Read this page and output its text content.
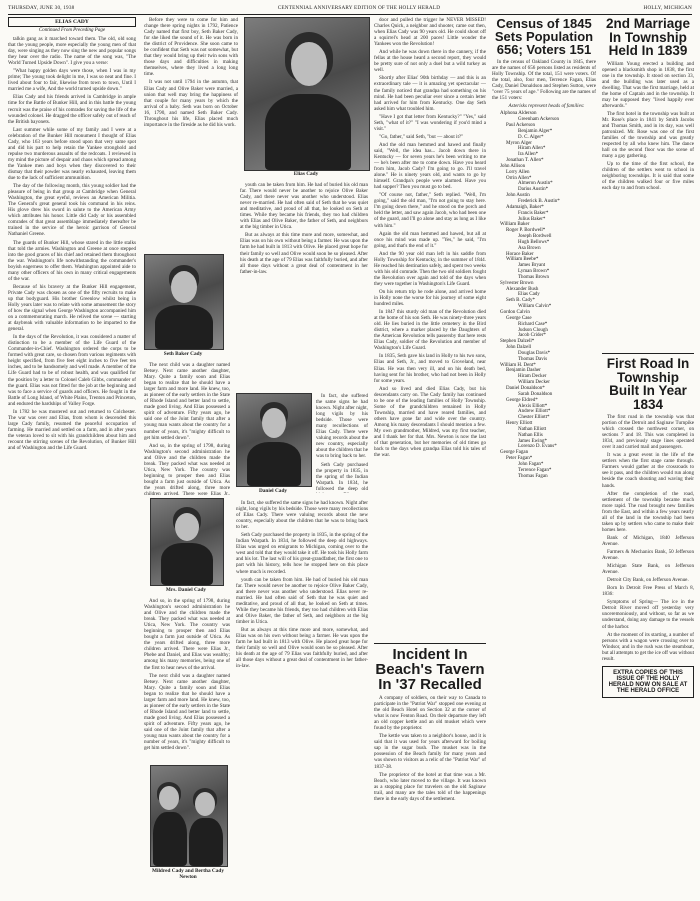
THURSDAY, JUNE 30, 1938	CENTENNIAL ANNIVERSARY EDITION OF THE HOLLY HERALD	HOLLY, MICHIGAN
ELIAS CADY
Continued From Preceding Page

talkin gang as it marched toward them. The old, old song that the young people, more especially the young men of that day, were singing as they now sing the new and popular songs they hear over the radio. The name of the song was, "The World Turned Upside Down". I give you a verse:

"What happy golden days were those, when I was in my prime; The young took delight in me, I was so neat and fine. I lived about four to fair, likewise from town to town, Until I married me a wife, And the world turned upside down."

Elias Cady and his friends arrived in Cambridge in ample time for the Battle of Bunker Hill, and in this battle the young recruit was the praise of his comrades for saving the life of the wounded colonel. He dragged the officer safely out of reach of the British bayonets.

Last summer while some of my family and I were at a celebration of the Bunker Hill monument I thought of Elias Cady, who 163 years before stood upon that very same spot and did his part to help retain the Yankee stronghold and repulse two murderous assaults of the redcoats. I reviewed in my mind the picture of despair and chaos which spread among the Yankee men and boys when they discovered to their dismay that their powder was nearly exhausted, leaving them due to the lack of sufficient ammunition.

The day of the following month, this young soldier had the pleasure of being in that group at Cambridge when General Washington, the great eyeful, reviews an American Militia. The General's great general took his command in his reins. His glove drew his sword in salute to the American Army which attributes his honor. Little did Cady or his assembled comrades of that great assemblage immediately thereafter be trained in the service of the heroic garrison of General Nathaniel Greene.

The guards of Bunker Hill, whose stared in the little stalks that told the armies. Washington and Greene at once stepped into the good graces of his chief and retained them throughout the war. Washington's life notwithstanding the commander's boyish eagerness to offer them. Washington appointed aide to many other officers of his own in many critical engagements of the war.

Because of his bravery at the Bunker Hill engagement, Private Cady was chosen as one of the fifty recruits to make up that bodyguard. His brother Greenlow whilst being in Holly years later was to relate with some amusement the story of how the signal when George Washington accompanied him on a commemorating march. He relived the scene — starting at daybreak with valuable information to be imparted to the general.

In the days of the Revolution, it was considered a matter of distinction to be a member of the Life Guard of the Commander-in-Chief. Washington ordered the corps to be formed with great care, so chosen from various regiments with height specified, from five feet eight inches to five feet ten inches, and to be handsomely and well made. A member of the Life Guard had to be of robust health, and was qualified for the position by a letter to Colonel Caleb Gibbs, commander of the guard. Elias was not fitted for the job at the beginning and was to face a service of guards and officers. He fought in the Battle of Long Island, of White Plains, Trenton and Princeton, and endured the hardships of Valley Forge.

In 1782 he was mustered out and returned to Colchester. The war was over and Elias, from whom is descended this large Cady family, resumed the peaceful occupation of farming. He married and settled on a farm, and in after years the veteran loved to sit with his grandchildren about him and recount the stirring scenes of the Revolution, of Bunker Hill and of Washington and the Life Guard.

Elias Cady
Seth Baker Cady
Daniel Cady
Mrs. Daniel Cady
Mildred Cady and Bertha Cady Newton

Before they were to come for him and change there spring nights in 1792, Patience Cady named that first boy, Seth Baker Cady, for she liked the sound of it. He was born in the district of Providence. She soon came to be confident that Seth was not somewhat, but that they would bring up their twin sons with those days and difficulties in making themselves, where they lived a long long time.

It was not until 1794 in the autumn, that Elias Cady and Olive Baker were married, a union that well may bring the happiness of that couple for many years by which the arrival of a baby. Seth was born on October 16, 1790, and named Seth Baker Cady. Throughout his life, Elias placed much importance in the fireside as he did his work.

The next child was a daughter named Betsey. Next came another daughter, Mary. Quite a family soon and Elias began to realize that he should have a larger farm and more land. He knew, too, as pioneer of the early settlers in the State of Rhode Island and better land to settle, made good living. And Elias possessed a spirit of adventure. Fifty years ago, he said one of the Joint family that after a young man wants about the country for a number of years, it's "mighty difficult to get him settled down".

And so, in the spring of 1798, during Washington's second administration he and Olive and the children made the break. They packed what was needed at Utica, New York. The country was beginning to prosper then and Elias bought a farm just outside of Utica. As the years drifted along, three more children arrived. There were Elias Jr.,

And so, in the spring of 1798, during Washington's second administration he and Olive and the children made the break. They packed what was needed at Utica, New York. The country was beginning to prosper then and Elias bought a farm just outside of Utica. As the years drifted along, three more children arrived. There were Elias Jr., Phebe and Daniel, and Elias was wealthy; among his many memories, being one of the first to hear news of the arrival.

The next child was a daughter named Betsey. Next came another daughter, Mary. Quite a family soon and Elias began to realize that he should have a larger farm and more land. He knew, too, as pioneer of the early settlers in the State of Rhode Island and better land to settle, made good living. And Elias possessed a spirit of adventure. Fifty years ago, he said one of the Joint family that after a young man wants about the country for a number of years, it's "mighty difficult to get him settled down".

youth can be taken from him. He had of buried his old man far. There would never be another to rejoice Olive Baker Cady, and there never was another who understood. Elias never re-married. He had often said of Seth that he was quiet and meditative, and proud of all that, he looked on Seth at times. While they became his friends, they too had children with Elias and Olive Baker, the father of Seth, and neighbors at the big timber in Utica.

But as always at this time more and more, somewhat, and Elias was on his own without being a farmer. He was upon the farm he had built in 1813 with Olive. He placed great hope for their family so well and Olive would soon be so pleased. After his death at the age of 79 Elias was faithfully buried, and after all those days without a great deal of contentment in her father-in-law.

In fact, she suffered the same signs he had known. Night after night, long vigils by his bedside. Those were many recollections of Elias Cady. There were valuing records about the new country, especially about the children that he was to bring back to her.

Seth Cady purchased the property in 1835, in the spring of the Indian Warpath. In 1834, he followed the deep old

In fact, she suffered the same signs he had known. Night after night, long vigils by his bedside. Those were many recollections of Elias Cady. There were valuing records about the new country, especially about the children that he was to bring back to her.

Seth Cady purchased the property in 1835, in the spring of the Indian Warpath. In 1834, he followed the deep old highways. Elias was urged on emigrants to Michigan, coming over to the west and told that they would take it off. He took his Holly farm and his lot. The last will of his great-grandfather, the first one to part with his history, tells how he stopped here on this place where much is recorded.

youth can be taken from him. He had of buried his old man far. There would never be another to rejoice Olive Baker Cady, and there never was another who understood. Elias never re-married. He had often said of Seth that he was quiet and meditative, and proud of all that, he looked on Seth at times. While they became his friends, they too had children with Elias and Olive Baker, the father of Seth, and neighbors at the big timber in Utica.

But as always at this time more and more, somewhat, and Elias was on his own without being a farmer. He was upon the farm he had built in 1813 with Olive. He placed great hope for their family so well and Olive would soon be so pleased. After his death at the age of 79 Elias was faithfully buried, and after all those days without a great deal of contentment in her father-in-law.

door and pulled the trigger he NEVER MISSED! Charles Quick, a neighbor and shooter, came out then, when Elias Cady was 90 years old. He could shoot off a squirrel's head at 200 paces! Little wonder the Yankees won the Revolution!

And while he was down there in the cannery, if the fellas at the house heard a second report, they would be pretty sure of not only a duel but a wild turkey as well.

Shortly after Elias' 90th birthday — and this is an extraordinary tale — it is amazing yet spectacular — the family noticed that grandpa had something on his mind. He had been peculiar ever since a certain letter had arrived for him from Kentucky. One day Seth asked him what troubled him.

"Have I got that letter from Kentucky?" "Yes," said Seth, "what of it?" "I was wondering if you'd mind a visit."

"Go, father," said Seth, "but — about it?"

And the old man hemmed and hawed and finally said, "Well, the idea has... Jacob down there in Kentucky — for seven years he's been writing to me — he's been after me to come down. Have you heard from him, Jacob Cady? I'm going to go. I'll travel alone." He is ninety years old, and wants to go by himself. Grandpa's people were alarmed. Have you had supper? Then you must go to bed.

"Of course not, father," Seth replied. "Well, I'm going," said the old man, "I'm not going to stay here. I'm going down there," and he stood on the porch and held the letter, and saw again Jacob, who had been one of the guard, and I'll go alone and stay as long as I like with him."

Again the old man hemmed and hawed, but all at once his mind was made up. "Yes," he said, "I'm going, and that's the end of it."

And the 90 year old man left in his saddle from Holly Township for Kentucky, in the summer of 1844. He reached his destination safely, and spent two weeks with his old comrade. Then the two old soldiers fought the Revolution over again and told of the days when they were together in Washington's Life Guard.

On his return trip he rode alone, and arrived home in Holly none the worse for his journey of some eight hundred miles.

In 1847 this sturdy old man of the Revolution died at the home of his son Seth. He was ninety-three years old. He lies buried in the little cemetery in the Bird district, where a marker placed by the Daughters of the American Revolution tells passersby that here rests Elias Cady, soldier of the Revolution and member of Washington's Life Guard.

In 1835, Seth gave his land in Holly to his two sons, Elias and Seth, Jr., and moved to Groveland, near Elias. He was then very ill, and on his death bed, having sent for his brother, who had not been in Holly for some years.

And so lived and died Elias Cady, but his descendants carry on. The Cady family has continued to be one of the leading families of Holly Township. Some of the grandchildren remained in Holly Township, married and have reared families, and others have gone far and wide over the country. Among his many descendants I should mention a few. My own grandmother, Mildred, was my first teacher, and I thank her for that. Mrs. Newton is now the last of that generation, but her memories of old times go back to the days when grandpa Elias told his tales of the war.

Census of 1845 Sets Population 656; Voters 151

In the census of Oakland County in 1845, there are the names of 656 persons listed as residents of Holly Township. Of the total, 151 were voters. Of the total, also, four men, Terrence Fagan, Elias Cady, Daniel Donaldson and Stephen Sutton, were "over 75 years of age." Following are the names of the 151 voters:

Asterisks represent heads of families:

Alphona Alderson
Greenham Ackerson
Paul Ackerson
Benjamin Alger*
D. C. Alger*
Myron Alger
Hiram Allen*
Ira Allen*
Jonathan T. Allen*
John Allison
Lorry Allen
Orrin Allen*
Almeron Austin*
Darius Austin*
John Austin
Frederick B. Austin*
Adamaigh, Baker*
Francis Baker*
Julius Baker*
William Baker
Roger P. Bordwell*
Joseph Bordwell
Hugh Bellows*
Asa Brown
Horace Baker
William Beebe*
James Bryant
Lyman Brown*
Thomas Brown
Sylvester Brown
Alexander Bush
Elias Cady
Seth B. Cady*
William Calvin*
Gordon Calvin
George Case
Richard Case*
Judson Clough
Jacob Crider*
Stephen Dalzell*
John Dalzell
Douglas Davis*
Thomas Davis
William H. Dent*
Benjamin Dasher
Hiram Decker
William Decker
Daniel Donaldson*
Sarah Donaldson
George Eldred*
Alexis Elliott*
Andrew Elliott*
Chester Elliott*
Henry Elliott
Nathan Elliott
Nathan Ellis
James Ewing*
Lorenzo D. Evans*
George Fagan
Peter Fagan*
John Fagan*
Terrence Fagan*
Thomas Fagan
Incident In Beach's Tavern In '37 Recalled

A company of soldiers, on their way to Canada to participate in the "Patriot War" stopped one evening at the old Beach Hotel on Section 32 at the corner of what is now Fenton Road. On their departure they left an old copper kettle and an old musket which were found by the proprietor.

The kettle was taken to a neighbor's house, and it is said that it was used for years afterward for boiling sap in the sugar bush. The musket was in the possession of the Beach family for many years and was shown to visitors as a relic of the "Patriot War" of 1837-38.

The proprietor of the hotel at that time was a Mr. Beach, who later moved to the village. It was known as a stopping place for travelers on the old Saginaw trail, and many are the tales told of the happenings there in the early days of the settlement.

2nd Marriage In Township Held In 1839

William Young erected a building and opened a blacksmith shop in 1838, the first one in the township. It stood on section 33, and the building was later used as a dwelling. That was the first marriage, held at the home of Captain and in the township. It may be supposed they "lived happily ever afterwards."

The first hotel in the township was built at Mr. Rose's place in 1841 by Smith Jacobs and Thomas Smith, and in its day, was well patronized. Mr. Rose was one of the first families of the township and was greatly respected by all who knew him. The dance hall on the second floor was the scene of many a gay gathering.

Up to the time of the first school, the children of the settlers went to school in neighboring townships. It is said that some of the children walked four or five miles each day to and from school.

First Road In Township Built In Year 1834

The first road in the township was that portion of the Detroit and Saginaw Turnpike which crossed the northwest corner, on sections 7 and 18. This was completed in 1834, and previously stage lines operated over it and carried mail and passengers.

It was a great event in the life of the settlers when the first stage came through. Farmers would gather at the crossroads to see it pass, and the children would run along beside the coach shouting and waving their hands.

After the completion of the road, settlement of the township became much more rapid. The road brought new families from the East, and within a few years nearly all of the land in the township had been taken up by settlers who came to make their homes here.

Bank of Michigan, 1840 Jefferson Avenue.

Farmers & Mechanics Bank, 50 Jefferson Avenue.

Michigan State Bank, on Jefferson Avenue.

Detroit City Bank, on Jefferson Avenue.

Born In Detroit Free Press of March 8, 1836:

Symptoms of Spring— The ice in the Detroit River moved off yesterday very unceremoniously, and without, so far as we understand, doing any damage to the vessels of the harbor.

At the moment of its starting, a number of persons with a wagon were crossing over to Windsor, and in the rush was the steamboat, but all attempts to get the ice off was without result.

EXTRA COPIES OF THIS ISSUE OF THE HOLLY HERALD NOW ON SALE AT THE HERALD OFFICE
